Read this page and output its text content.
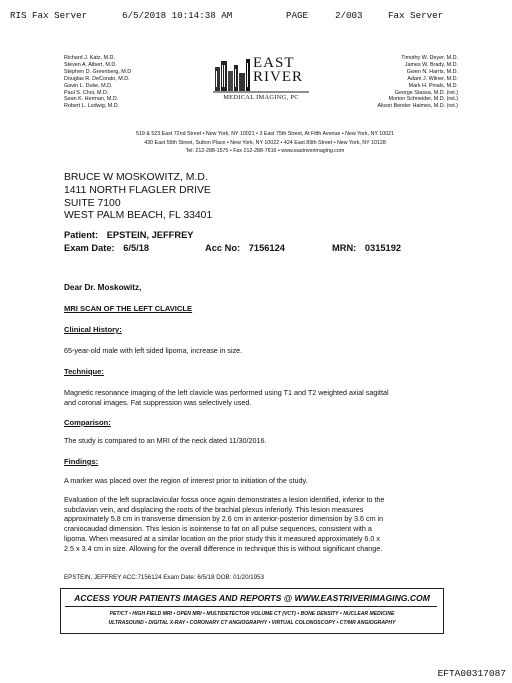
RIS Fax Server

	6/5/2018 10:14:38 AM

	PAGE

	2/003

	Fax Server

Richard J. Katz, M.D.
Steven A. Albert, M.D.
Stephen D. Greenberg, M.D
Douglas R. DeCorato, M.D.
Gavin L. Duke, M.D.
Paul S. Choi, M.D.
Sean K. Herman, M.D.
Robert L. Ludwig, M.D.
Timothy W. Deyer, M.D.
James W. Brady, M.D.
Gwen N. Harris, M.D.
Adam J. Wilner, M.D.
Mark H. Pinals, M.D.
George Stassa, M.D. (ret.)
Morton Schneider, M.D. (ret.)
Alison Bender Haimes, M.D. (ret.)
EAST
RIVER
MEDICAL IMAGING, PC
519 & 523 East 72nd Street • New York, NY 10021 • 3 East 75th Street, At Fifth Avenue • New York, NY 10021
430 East 59th Street, Sutton Place • New York, NY 10022 • 424 East 89th Street • New York, NY 10128
Tel: 212-288-1575 • Fax 212-288-7616 • www.eastriverimaging.com
BRUCE W MOSKOWITZ, M.D.
1411 NORTH FLAGLER DRIVE
SUITE 7100
WEST PALM BEACH, FL 33401
Patient: EPSTEIN, JEFFREY
Exam Date: 6/5/18	Acc No: 7156124	MRN: 0315192
Dear Dr. Moskowitz,
MRI SCAN OF THE LEFT CLAVICLE
Clinical History:
65-year-old male with left sided lipoma, increase in size.
Technique:
Magnetic resonance imaging of the left clavicle was performed using T1 and T2 weighted axial sagittal
and coronal images. Fat suppression was selectively used.
Comparison:
The study is compared to an MRI of the neck dated 11/30/2016.
Findings:
A marker was placed over the region of interest prior to initiation of the study.
Evaluation of the left supraclavicular fossa once again demonstrates a lesion identified, inferior to the
subclavian vein, and displacing the roots of the brachial plexus inferiorly. This lesion measures
approximately 5.8 cm in transverse dimension by 2.6 cm in anterior-posterior dimension by 3.6 cm in
craniocaudad dimension. This lesion is isointense to fat on all pulse sequences, consistent with a
lipoma. When measured at a similar location on the prior study this it measured approximately 6.0 x
2.5 x 3.4 cm in size. Allowing for the overall difference in technique this is without significant change.
EPSTEIN, JEFFREY ACC:7156124 Exam Date: 6/5/18 DOB: 01/20/1953
ACCESS YOUR PATIENTS IMAGES AND REPORTS @ WWW.EASTRIVERIMAGING.COM
PET/CT • HIGH FIELD MRI • OPEN MRI • MULTIDETECTOR VOLUME CT (VCT) • BONE DENSITY • NUCLEAR MEDICINE
ULTRASOUND • DIGITAL X-RAY • CORONARY CT ANGIOGRAPHY • VIRTUAL COLONOSCOPY • CT/MR ANGIOGRAPHY
EFTA00317087
